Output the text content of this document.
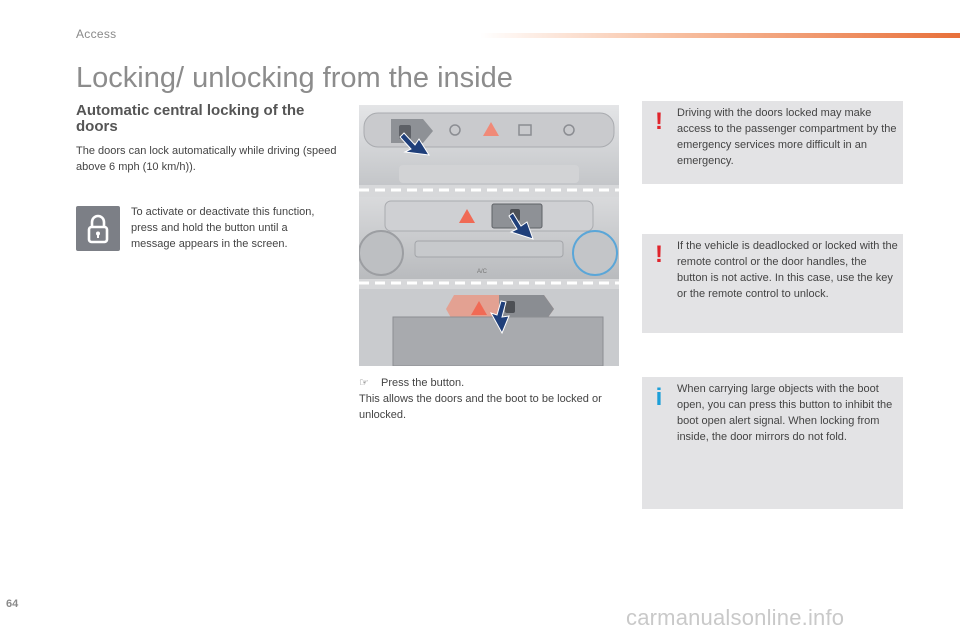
Access
Locking/ unlocking from the inside
Automatic central locking of the doors
The doors can lock automatically while driving (speed above 6 mph (10 km/h)).
To activate or deactivate this function, press and hold the button until a message appears in the screen.
A/C
☞ Press the button.
This allows the doors and the boot to be locked or unlocked.
! Driving with the doors locked may make access to the passenger compartment by the emergency services more difficult in an emergency.
! If the vehicle is deadlocked or locked with the remote control or the door handles, the button is not active. In this case, use the key or the remote control to unlock.
i	When carrying large objects with the boot open, you can press this button to inhibit the boot open alert signal. When locking from inside, the door mirrors do not fold.
64
carmanualsonline.info
